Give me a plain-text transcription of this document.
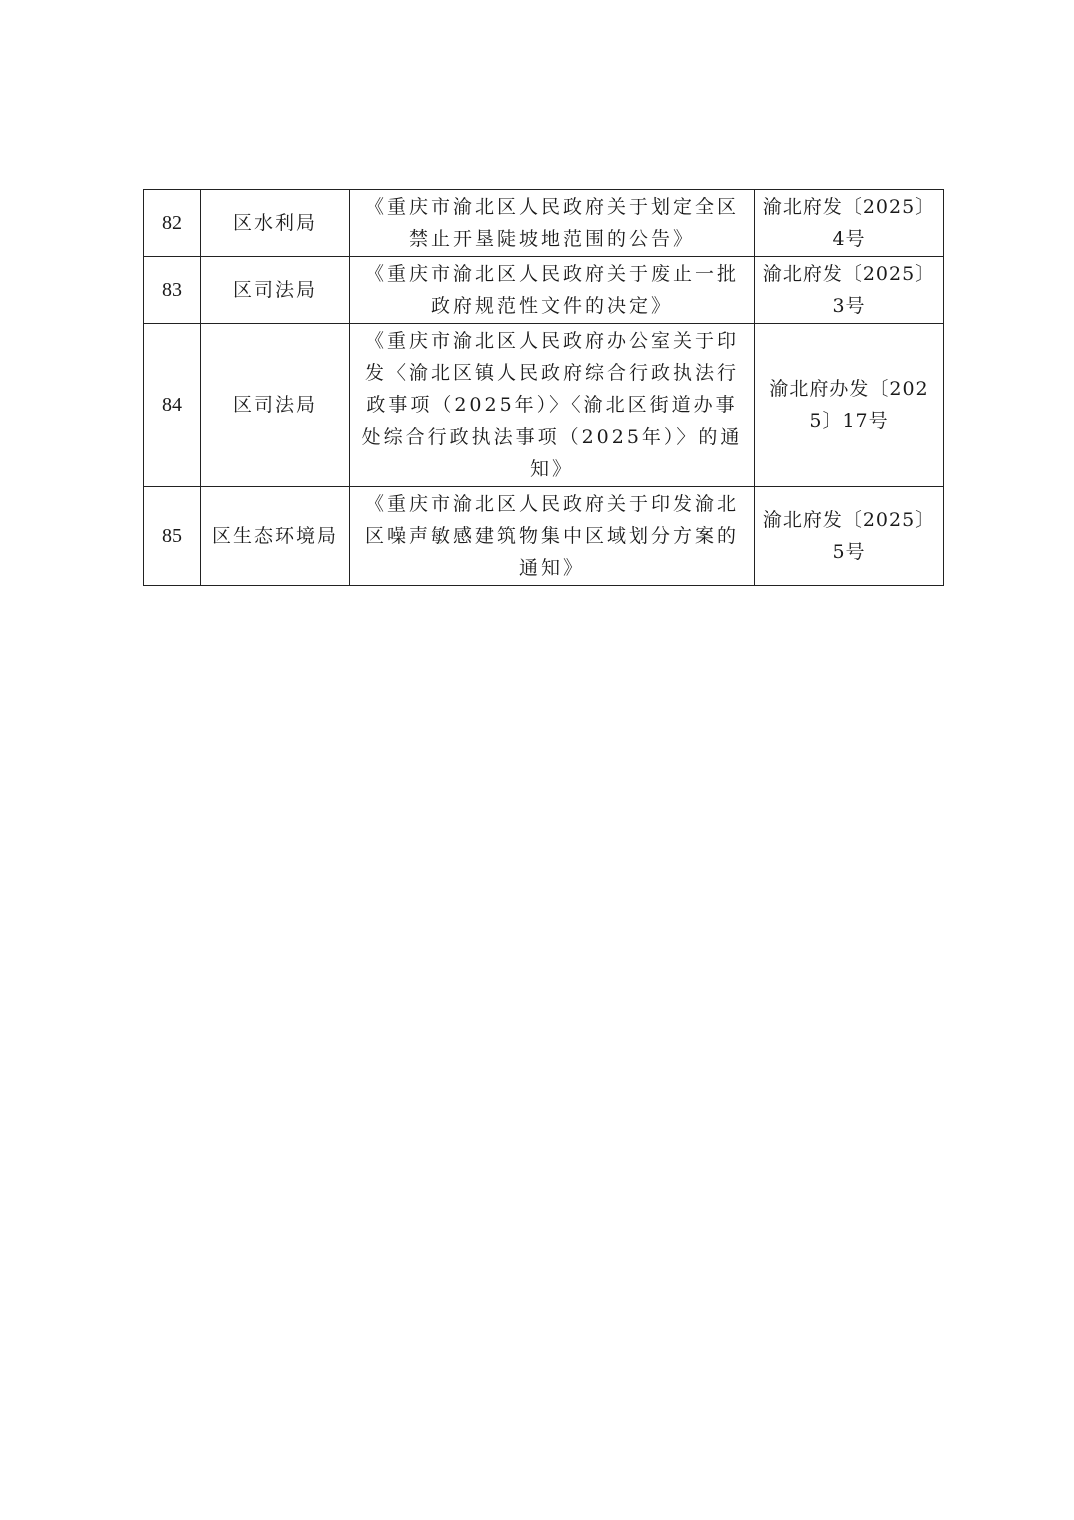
82	区水利局	《重庆市渝北区人民政府关于划定全区禁止开垦陡坡地范围的公告》	渝北府发〔2025〕4号
83	区司法局	《重庆市渝北区人民政府关于废止一批政府规范性文件的决定》	渝北府发〔2025〕3号
84	区司法局	《重庆市渝北区人民政府办公室关于印发〈渝北区镇人民政府综合行政执法行政事项（2025年）〉〈渝北区街道办事处综合行政执法事项（2025年）〉的通知》	渝北府办发〔2025〕17号
85	区生态环境局	《重庆市渝北区人民政府关于印发渝北区噪声敏感建筑物集中区域划分方案的通知》	渝北府发〔2025〕5号
